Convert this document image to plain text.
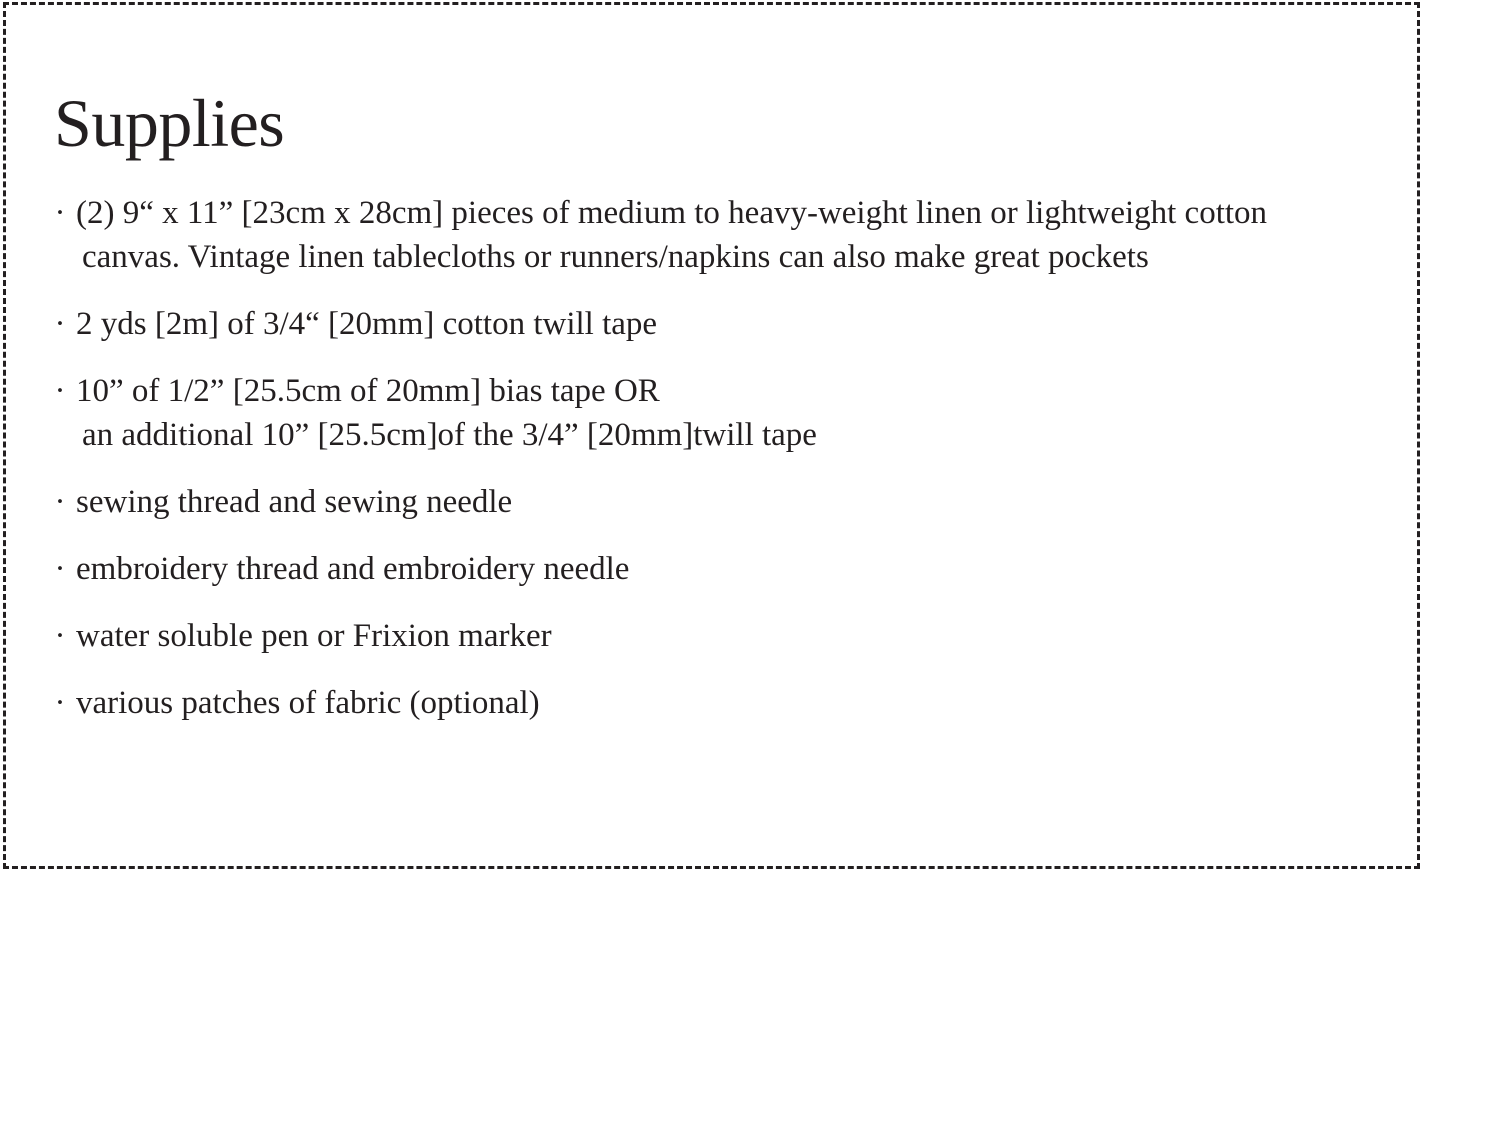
Supplies
· (2) 9“ x 11” [23cm x 28cm] pieces of medium to heavy-weight linen or lightweight cotton
canvas. Vintage linen tablecloths or runners/napkins can also make great pockets
· 2 yds [2m] of 3/4“ [20mm] cotton twill tape
· 10” of 1/2” [25.5cm of 20mm] bias tape OR
an additional 10” [25.5cm]of the 3/4” [20mm]twill tape
· sewing thread and sewing needle
· embroidery thread and embroidery needle
· water soluble pen or Frixion marker
· various patches of fabric (optional)
